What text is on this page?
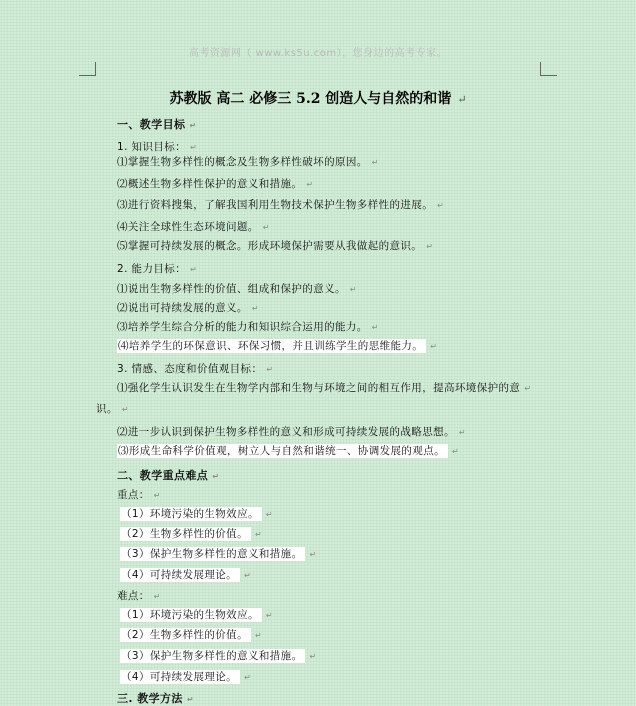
高考资源网（ www.ks5u.com），您身边的高考专家。
苏教版 高二 必修三 5.2 创造人与自然的和谐 ↵
一、教学目标 ↵
1. 知识目标： ↵
⑴掌握生物多样性的概念及生物多样性破坏的原因。 ↵
⑵概述生物多样性保护的意义和措施。 ↵
⑶进行资料搜集，了解我国利用生物技术保护生物多样性的进展。 ↵
⑷关注全球性生态环境问题。 ↵
⑸掌握可持续发展的概念。形成环境保护需要从我做起的意识。 ↵
2. 能力目标： ↵
⑴说出生物多样性的价值、组成和保护的意义。 ↵
⑵说出可持续发展的意义。 ↵
⑶培养学生综合分析的能力和知识综合运用的能力。 ↵
⑷培养学生的环保意识、环保习惯，并且训练学生的思维能力。 ↵
3. 情感、态度和价值观目标： ↵
⑴强化学生认识发生在生物学内部和生物与环境之间的相互作用，提高环境保护的意 ↵
识。 ↵
⑵进一步认识到保护生物多样性的意义和形成可持续发展的战略思想。 ↵
⑶形成生命科学价值观，树立人与自然和谐统一、协调发展的观点。 ↵
二、教学重点难点 ↵
重点： ↵
（1）环境污染的生物效应。 ↵
（2）生物多样性的价值。 ↵
（3）保护生物多样性的意义和措施。 ↵
（4）可持续发展理论。 ↵
难点： ↵
（1）环境污染的生物效应。 ↵
（2）生物多样性的价值。 ↵
（3）保护生物多样性的意义和措施。 ↵
（4）可持续发展理论。 ↵
三. 教学方法 ↵
